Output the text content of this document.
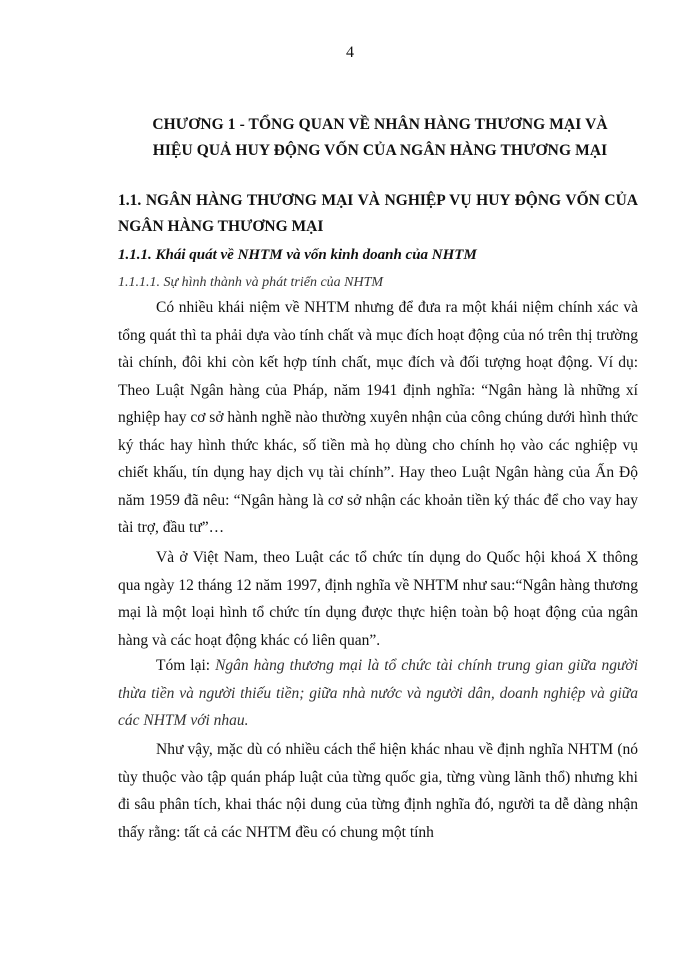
4
CHƯƠNG 1 - TỔNG QUAN VỀ NHÂN HÀNG THƯƠNG MẠI VÀ
HIỆU QUẢ HUY ĐỘNG VỐN CỦA NGÂN HÀNG THƯƠNG MẠI
1.1. NGÂN HÀNG THƯƠNG MẠI VÀ NGHIỆP VỤ HUY ĐỘNG VỐN CỦA NGÂN HÀNG THƯƠNG MẠI
1.1.1. Khái quát về NHTM và vốn kinh doanh của NHTM
1.1.1.1. Sự hình thành và phát triển của NHTM

Có nhiều khái niệm về NHTM nhưng để đưa ra một khái niệm chính xác và tổng quát thì ta phải dựa vào tính chất và mục đích hoạt động của nó trên thị trường tài chính, đôi khi còn kết hợp tính chất, mục đích và đối tượng hoạt động. Ví dụ: Theo Luật Ngân hàng của Pháp, năm 1941 định nghĩa: “Ngân hàng là những xí nghiệp hay cơ sở hành nghề nào thường xuyên nhận của công chúng dưới hình thức ký thác hay hình thức khác, số tiền mà họ dùng cho chính họ vào các nghiệp vụ chiết khấu, tín dụng hay dịch vụ tài chính”. Hay theo Luật Ngân hàng của Ấn Độ năm 1959 đã nêu: “Ngân hàng là cơ sở nhận các khoản tiền ký thác để cho vay hay tài trợ, đầu tư”…

Và ở Việt Nam, theo Luật các tổ chức tín dụng do Quốc hội khoá X thông qua ngày 12 tháng 12 năm 1997, định nghĩa về NHTM như sau:“Ngân hàng thương mại là một loại hình tổ chức tín dụng được thực hiện toàn bộ hoạt động của ngân hàng và các hoạt động khác có liên quan”.

Tóm lại: Ngân hàng thương mại là tổ chức tài chính trung gian giữa người thừa tiền và người thiếu tiền; giữa nhà nước và người dân, doanh nghiệp và giữa các NHTM với nhau.

Như vậy, mặc dù có nhiều cách thể hiện khác nhau về định nghĩa NHTM (nó tùy thuộc vào tập quán pháp luật của từng quốc gia, từng vùng lãnh thổ) nhưng khi đi sâu phân tích, khai thác nội dung của từng định nghĩa đó, người ta dễ dàng nhận thấy rằng: tất cả các NHTM đều có chung một tính
